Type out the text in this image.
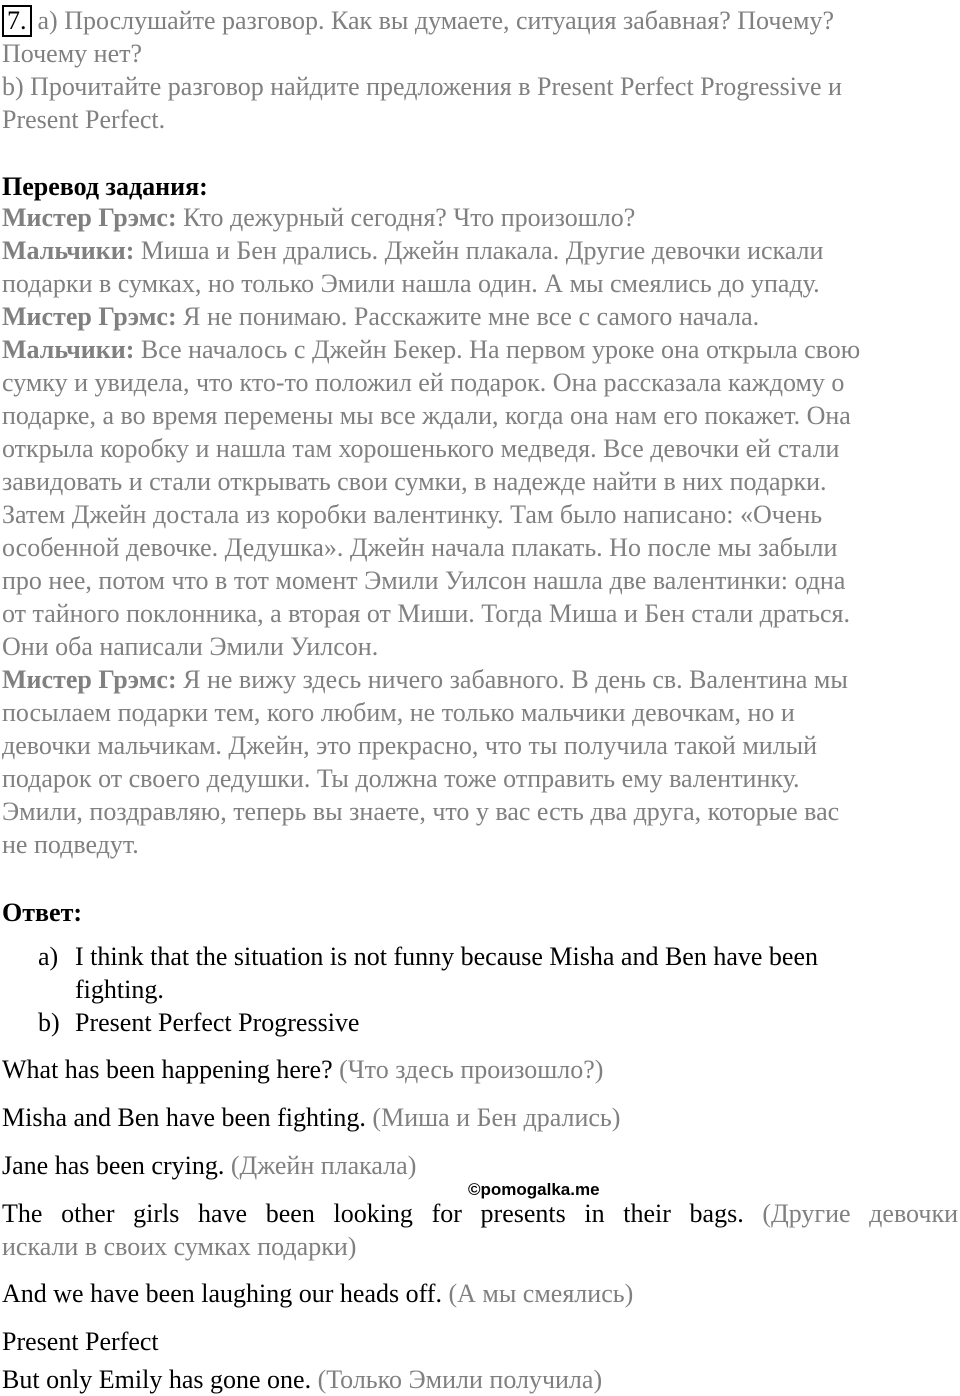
7. a) Прослушайте разговор. Как вы думаете, ситуация забавная? Почему?
Почему нет?
b) Прочитайте разговор найдите предложения в Present Perfect Progressive и
Present Perfect.
Перевод задания:
Мистер Грэмс: Кто дежурный сегодня? Что произошло?
Мальчики: Миша и Бен дрались. Джейн плакала. Другие девочки искали
подарки в сумках, но только Эмили нашла один. А мы смеялись до упаду.
Мистер Грэмс: Я не понимаю. Расскажите мне все с самого начала.
Мальчики: Все началось с Джейн Бекер. На первом уроке она открыла свою
сумку и увидела, что кто-то положил ей подарок. Она рассказала каждому о
подарке, а во время перемены мы все ждали, когда она нам его покажет. Она
открыла коробку и нашла там хорошенького медведя. Все девочки ей стали
завидовать и стали открывать свои сумки, в надежде найти в них подарки.
Затем Джейн достала из коробки валентинку. Там было написано: «Очень
особенной девочке. Дедушка». Джейн начала плакать. Но после мы забыли
про нее, потом что в тот момент Эмили Уилсон нашла две валентинки: одна
от тайного поклонника, а вторая от Миши. Тогда Миша и Бен стали драться.
Они оба написали Эмили Уилсон.
Мистер Грэмс: Я не вижу здесь ничего забавного. В день св. Валентина мы
посылаем подарки тем, кого любим, не только мальчики девочкам, но и
девочки мальчикам. Джейн, это прекрасно, что ты получила такой милый
подарок от своего дедушки. Ты должна тоже отправить ему валентинку.
Эмили, поздравляю, теперь вы знаете, что у вас есть два друга, которые вас
не подведут.
Ответ:
a) I think that the situation is not funny because Misha and Ben have been
fighting.
b) Present Perfect Progressive
What has been happening here? (Что здесь произошло?)
Misha and Ben have been fighting. (Миша и Бен дрались)
Jane has been crying. (Джейн плакала)
The other girls have been looking for presents in their bags. (Другие девочки
искали в своих сумках подарки)
And we have been laughing our heads off. (А мы смеялись)
Present Perfect
But only Emily has gone one. (Только Эмили получила)
©pomogalka.me
